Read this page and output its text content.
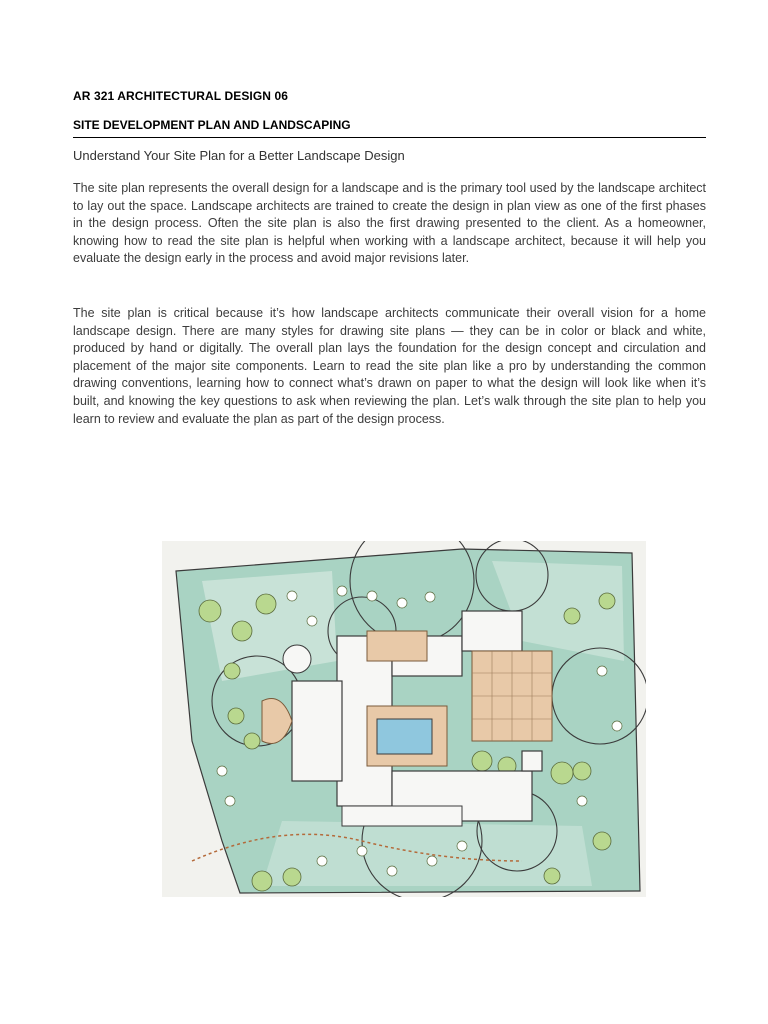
AR 321 ARCHITECTURAL DESIGN 06
SITE DEVELOPMENT PLAN AND LANDSCAPING
Understand Your Site Plan for a Better Landscape Design

The site plan represents the overall design for a landscape and is the primary tool used by the landscape architect to lay out the space. Landscape architects are trained to create the design in plan view as one of the first phases in the design process. Often the site plan is also the first drawing presented to the client. As a homeowner, knowing how to read the site plan is helpful when working with a landscape architect, because it will help you evaluate the design early in the process and avoid major revisions later.

The site plan is critical because it’s how landscape architects communicate their overall vision for a home landscape design. There are many styles for drawing site plans — they can be in color or black and white, produced by hand or digitally. The overall plan lays the foundation for the design concept and circulation and placement of the major site components. Learn to read the site plan like a pro by understanding the common drawing conventions, learning how to connect what’s drawn on paper to what the design will look like when it’s built, and knowing the key questions to ask when reviewing the plan. Let’s walk through the site plan to help you learn to review and evaluate the plan as part of the design process.
